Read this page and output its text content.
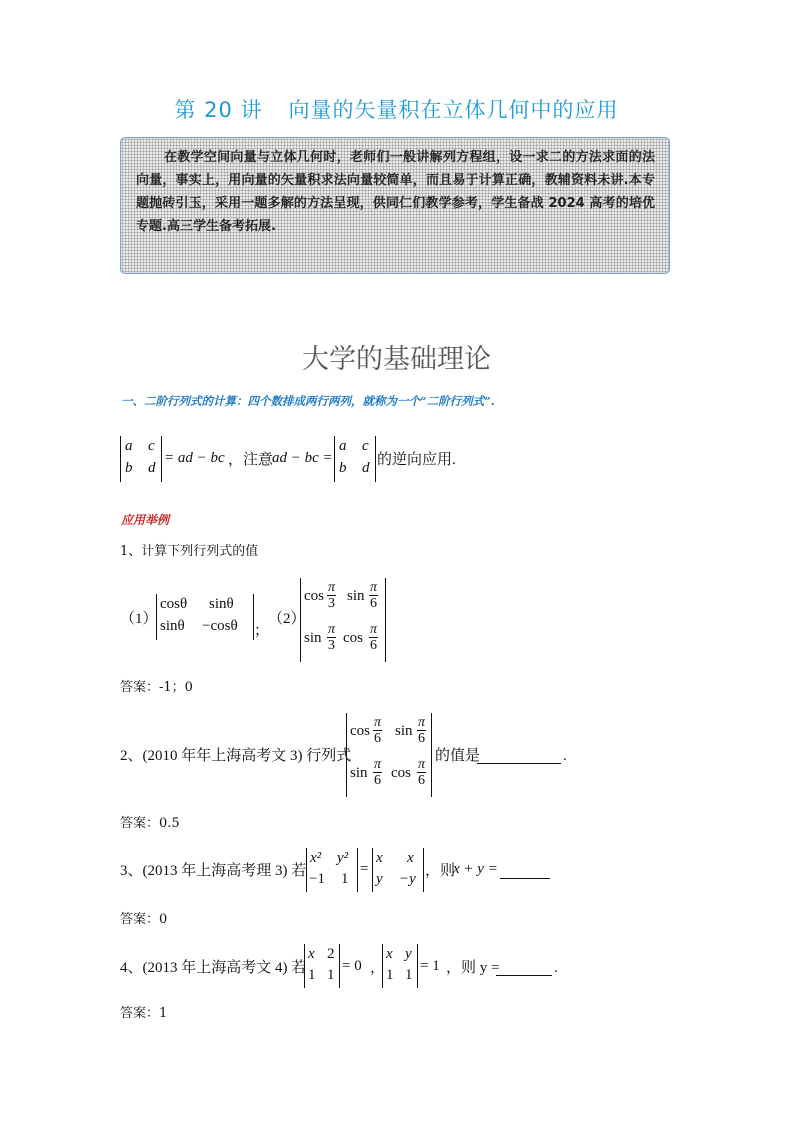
第 20 讲 向量的矢量积在立体几何中的应用

在教学空间向量与立体几何时，老师们一般讲解列方程组，设一求二的方法求面的法向量，事实上，用向量的矢量积求法向量较简单，而且易于计算正确，教辅资料未讲.本专题抛砖引玉，采用一题多解的方法呈现，供同仁们教学参考，学生备战 2024 高考的培优专题.高三学生备考拓展.

大学的基础理论
一、二阶行列式的计算：四个数排成两行两列，就称为一个“二阶行列式”.
a c
b d
= ad − bc ，注意
ad − bc =
a c
b d 的逆向应用.
应用举例
1、计算下列行列式的值
（1）
cosθ sinθ
sinθ −cosθ ；
（2）
$\cos \frac{\pi}{3}$ $\sin \frac{\pi}{6}$
$\sin \frac{\pi}{3}$ $\cos \frac{\pi}{6}$
答案：-1；0
2、(2010 年年上海高考文 3) 行列式
$\cos \frac{\pi}{6}$ $\sin \frac{\pi}{6}$
$\sin \frac{\pi}{6}$ $\cos \frac{\pi}{6}$
的值是	.
答案：0.5
3、(2013 年上海高考理 3) 若
x² y²
−1 1
=
x x
y −y ，则
x + y =
答案：0
4、(2013 年上海高考文 4) 若
x 2
1 1
= 0 ，
x y
1 1
= 1 ，则 y =	.
答案：1
